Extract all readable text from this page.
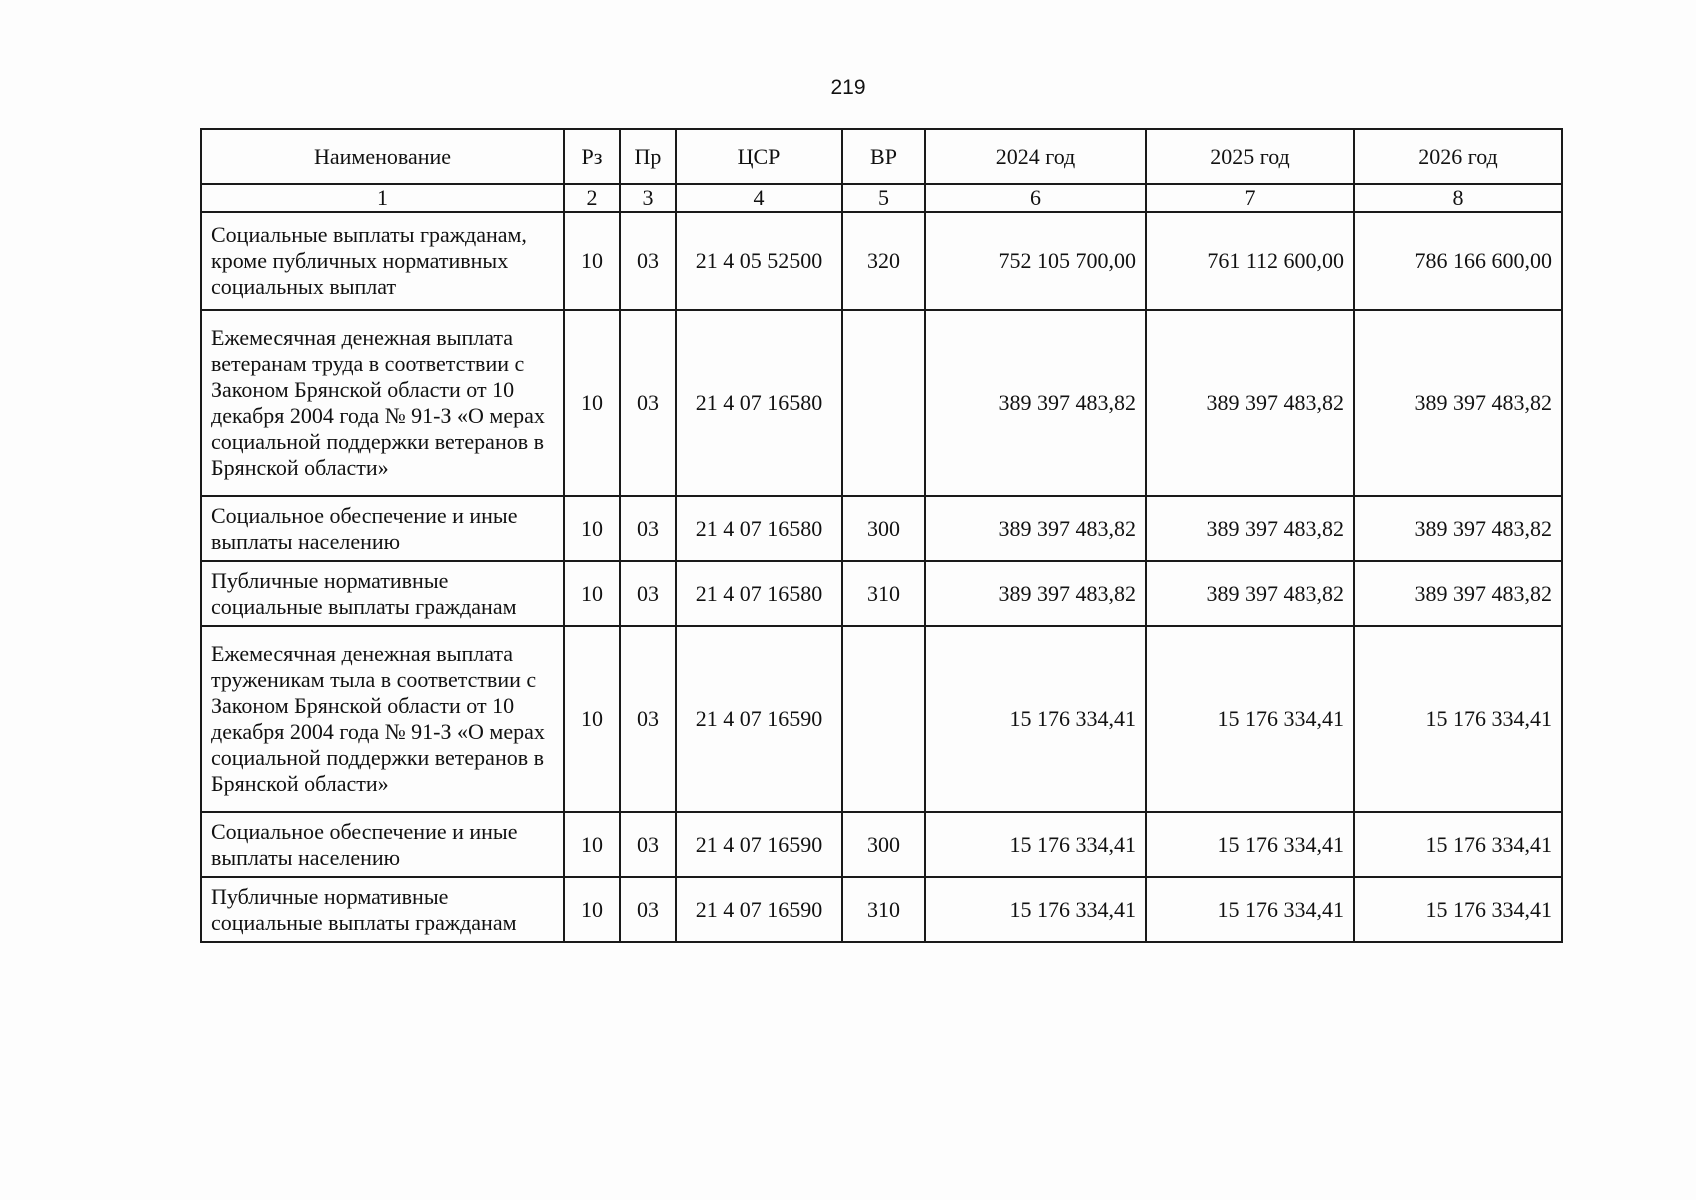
219
Наименование	Рз	Пр	ЦСР	ВР	2024 год	2025 год	2026 год
1	2	3	4	5	6	7	8
Социальные выплаты гражданам, кроме публичных нормативных социальных выплат	10	03	21 4 05 52500	320	752 105 700,00	761 112 600,00	786 166 600,00
Ежемесячная денежная выплата ветеранам труда в соответствии с Законом Брянской области от 10 декабря 2004 года № 91-З «О мерах социальной поддержки ветеранов в Брянской области»	10	03	21 4 07 16580		389 397 483,82	389 397 483,82	389 397 483,82
Социальное обеспечение и иные выплаты населению	10	03	21 4 07 16580	300	389 397 483,82	389 397 483,82	389 397 483,82
Публичные нормативные социальные выплаты гражданам	10	03	21 4 07 16580	310	389 397 483,82	389 397 483,82	389 397 483,82
Ежемесячная денежная выплата труженикам тыла в соответствии с Законом Брянской области от 10 декабря 2004 года № 91-З «О мерах социальной поддержки ветеранов в Брянской области»	10	03	21 4 07 16590		15 176 334,41	15 176 334,41	15 176 334,41
Социальное обеспечение и иные выплаты населению	10	03	21 4 07 16590	300	15 176 334,41	15 176 334,41	15 176 334,41
Публичные нормативные социальные выплаты гражданам	10	03	21 4 07 16590	310	15 176 334,41	15 176 334,41	15 176 334,41
